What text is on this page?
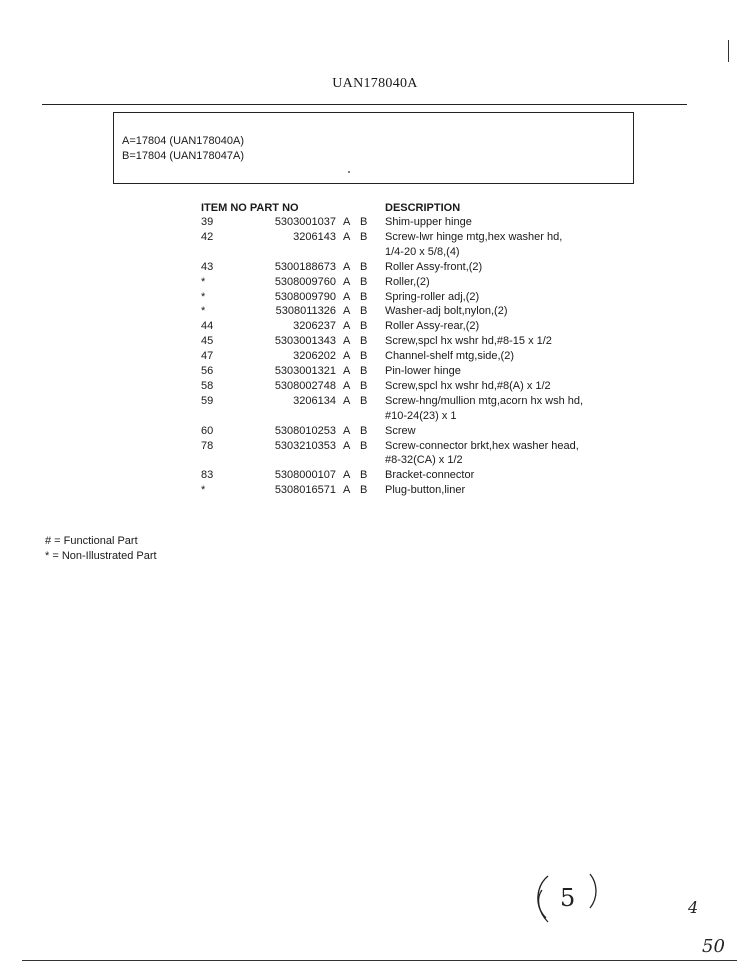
UAN178040A
A=17804 (UAN178040A)
B=17804 (UAN178047A)
ITEM NO PART NO	DESCRIPTION
39	5303001037 A B Shim-upper hinge
42	3206143 A B Screw-lwr hinge mtg,hex washer hd,
1/4-20 x 5/8,(4)
43	5300188673 A B Roller Assy-front,(2)
*	5308009760 A B Roller,(2)
*	5308009790 A B Spring-roller adj,(2)
*	5308011326 A B Washer-adj bolt,nylon,(2)
44	3206237 A B Roller Assy-rear,(2)
45	5303001343 A B Screw,spcl hx wshr hd,#8-15 x 1/2
47	3206202 A B Channel-shelf mtg,side,(2)
56	5303001321 A B Pin-lower hinge
58	5308002748 A B Screw,spcl hx wshr hd,#8(A) x 1/2
59	3206134 A B Screw-hng/mullion mtg,acorn hx wsh hd,
#10-24(23) x 1
60	5308010253 A B Screw
78	5303210353 A B Screw-connector brkt,hex washer head,
#8-32(CA) x 1/2
83	5308000107 A B Bracket-connector
*	5308016571 A B Plug-button,liner
# = Functional Part
* = Non-Illustrated Part
5	4
50
